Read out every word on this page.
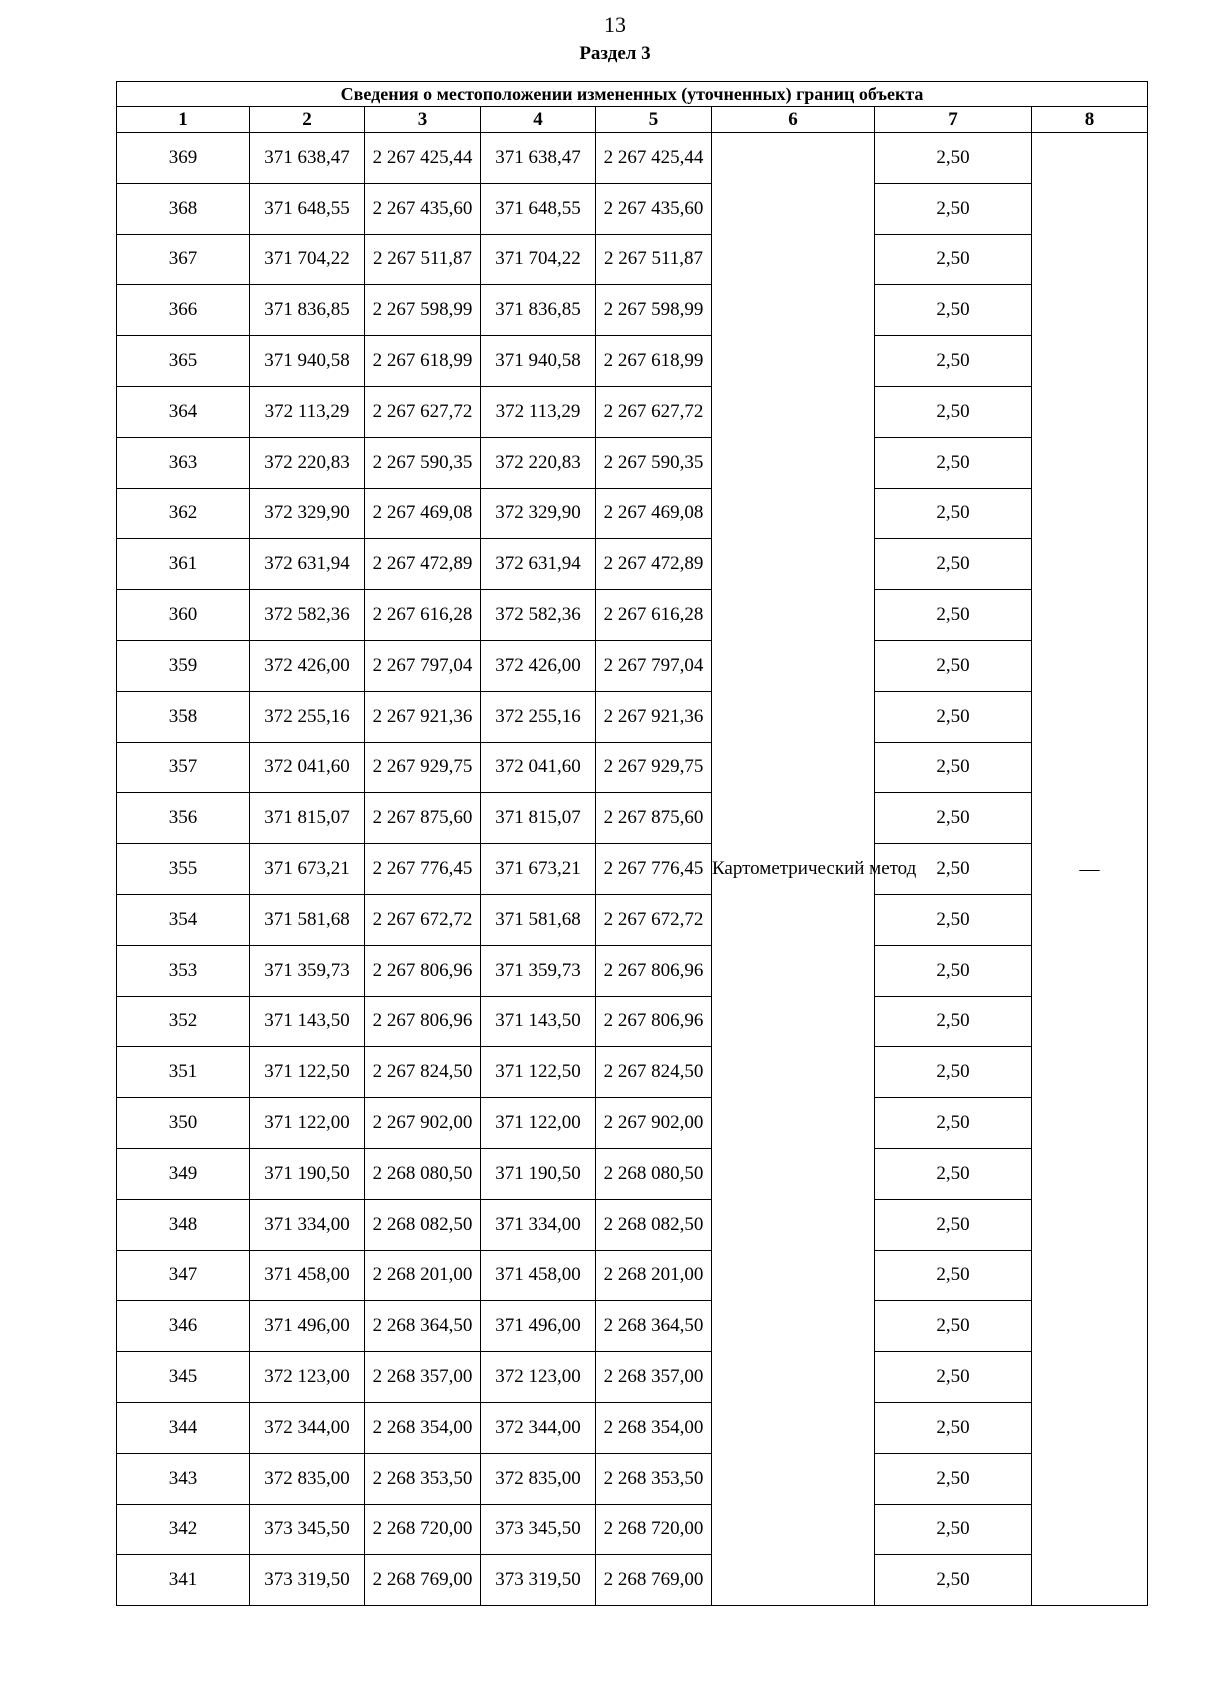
13
Раздел 3
Сведения о местоположении измененных (уточненных) границ объекта							
1	2	3	4	5	6	7	8
369	371 638,47	2 267 425,44	371 638,47	2 267 425,44	Картометрический метод	2,50	—
368	371 648,55	2 267 435,60	371 648,55	2 267 435,60		2,50	
367	371 704,22	2 267 511,87	371 704,22	2 267 511,87		2,50	
366	371 836,85	2 267 598,99	371 836,85	2 267 598,99		2,50	
365	371 940,58	2 267 618,99	371 940,58	2 267 618,99		2,50	
364	372 113,29	2 267 627,72	372 113,29	2 267 627,72		2,50	
363	372 220,83	2 267 590,35	372 220,83	2 267 590,35		2,50	
362	372 329,90	2 267 469,08	372 329,90	2 267 469,08		2,50	
361	372 631,94	2 267 472,89	372 631,94	2 267 472,89		2,50	
360	372 582,36	2 267 616,28	372 582,36	2 267 616,28		2,50	
359	372 426,00	2 267 797,04	372 426,00	2 267 797,04		2,50	
358	372 255,16	2 267 921,36	372 255,16	2 267 921,36		2,50	
357	372 041,60	2 267 929,75	372 041,60	2 267 929,75		2,50	
356	371 815,07	2 267 875,60	371 815,07	2 267 875,60		2,50	
355	371 673,21	2 267 776,45	371 673,21	2 267 776,45		2,50	
354	371 581,68	2 267 672,72	371 581,68	2 267 672,72		2,50	
353	371 359,73	2 267 806,96	371 359,73	2 267 806,96		2,50	
352	371 143,50	2 267 806,96	371 143,50	2 267 806,96		2,50	
351	371 122,50	2 267 824,50	371 122,50	2 267 824,50		2,50	
350	371 122,00	2 267 902,00	371 122,00	2 267 902,00		2,50	
349	371 190,50	2 268 080,50	371 190,50	2 268 080,50		2,50	
348	371 334,00	2 268 082,50	371 334,00	2 268 082,50		2,50	
347	371 458,00	2 268 201,00	371 458,00	2 268 201,00		2,50	
346	371 496,00	2 268 364,50	371 496,00	2 268 364,50		2,50	
345	372 123,00	2 268 357,00	372 123,00	2 268 357,00		2,50	
344	372 344,00	2 268 354,00	372 344,00	2 268 354,00		2,50	
343	372 835,00	2 268 353,50	372 835,00	2 268 353,50		2,50	
342	373 345,50	2 268 720,00	373 345,50	2 268 720,00		2,50	
341	373 319,50	2 268 769,00	373 319,50	2 268 769,00		2,50	
